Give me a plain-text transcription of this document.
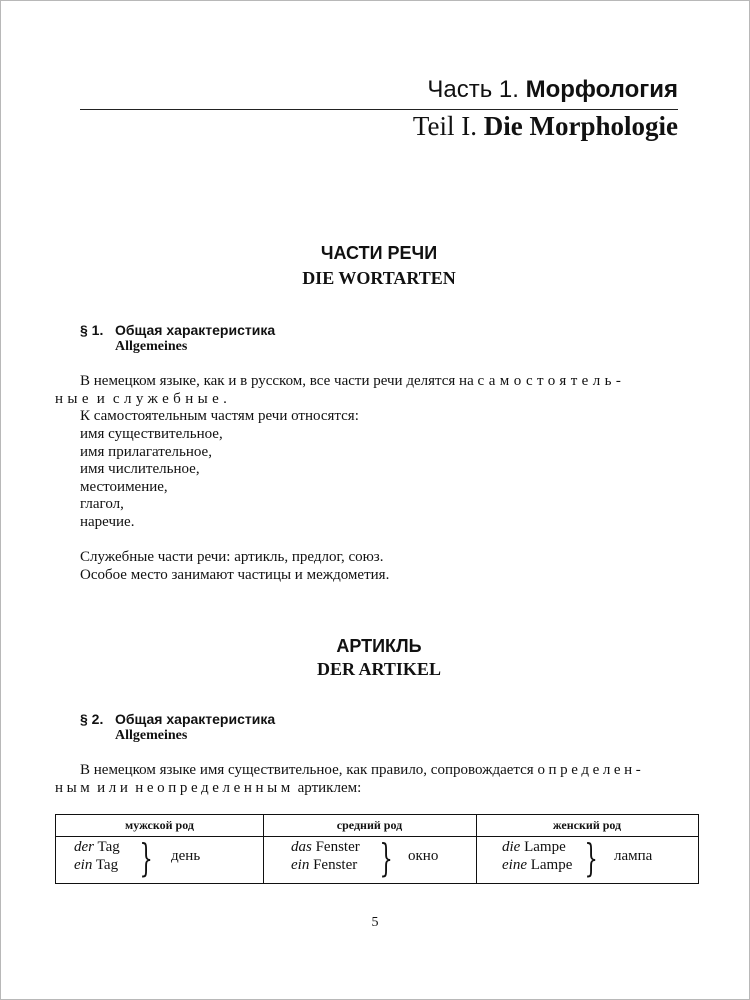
Часть 1. Морфология
Teil I. Die Morphologie
ЧАСТИ РЕЧИ
DIE WORTARTEN
§ 1. Общая характеристика
Allgemeines
В немецком языке, как и в русском, все части речи делятся на самостоятель-
ные и служебные.
К самостоятельным частям речи относятся:
имя существительное,
имя прилагательное,
имя числительное,
местоимение,
глагол,
наречие.
Служебные части речи: артикль, предлог, союз.
Особое место занимают частицы и междометия.
АРТИКЛЬ
DER ARTIKEL
§ 2. Общая характеристика
Allgemeines
В немецком языке имя существительное, как правило, сопровождается определен-
ным или неопределенным артиклем:
мужской род	средний род	женский род
der Tag
ein Tag } день
das Fenster
ein Fenster } окно
die Lampe
eine Lampe } лампа
5
